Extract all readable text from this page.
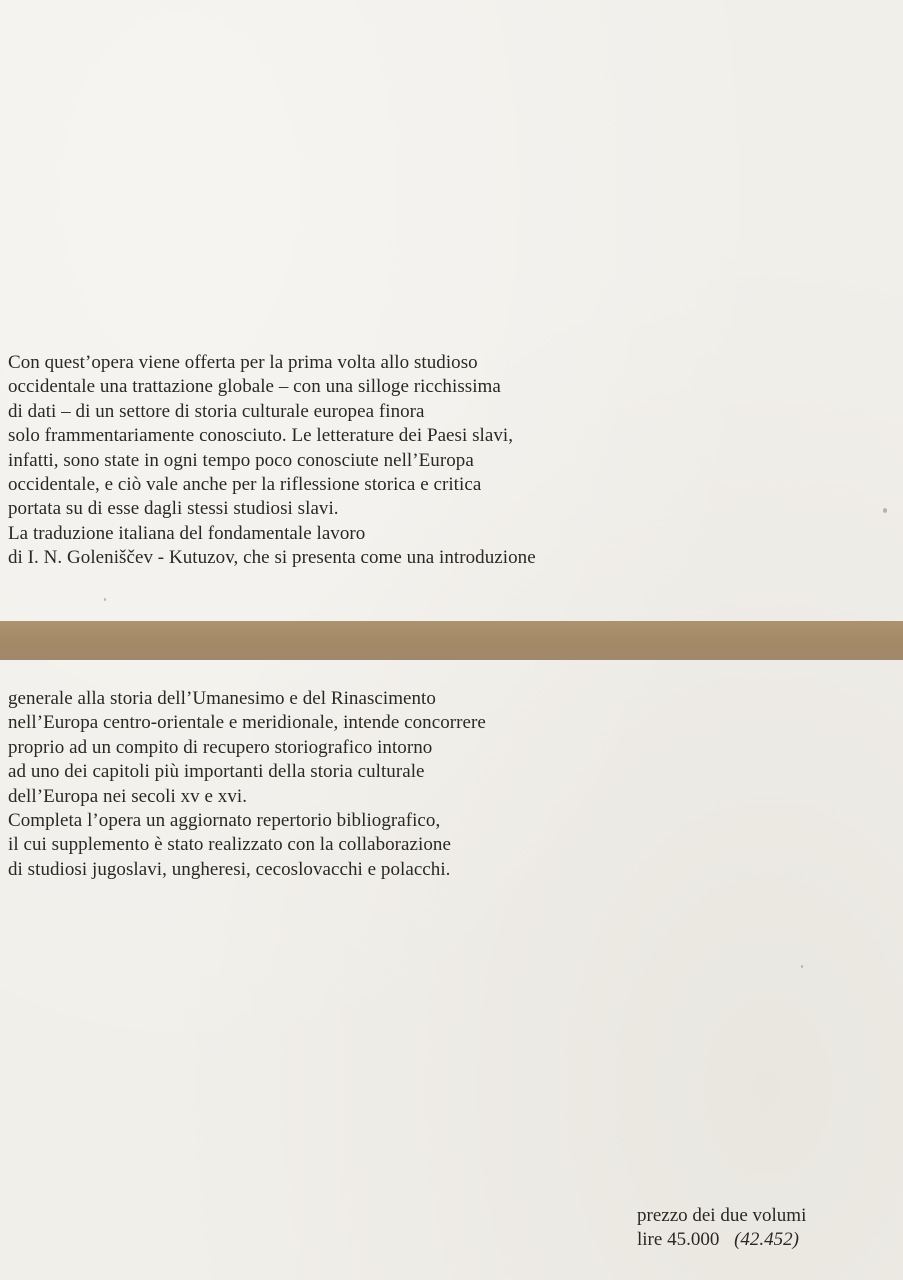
Con quest’opera viene offerta per la prima volta allo studioso
occidentale una trattazione globale – con una silloge ricchissima
di dati – di un settore di storia culturale europea finora
solo frammentariamente conosciuto. Le letterature dei Paesi slavi,
infatti, sono state in ogni tempo poco conosciute nell’Europa
occidentale, e ciò vale anche per la riflessione storica e critica
portata su di esse dagli stessi studiosi slavi.
La traduzione italiana del fondamentale lavoro
di I. N. Goleniščev - Kutuzov, che si presenta come una introduzione
generale alla storia dell’Umanesimo e del Rinascimento
nell’Europa centro-orientale e meridionale, intende concorrere
proprio ad un compito di recupero storiografico intorno
ad uno dei capitoli più importanti della storia culturale
dell’Europa nei secoli xv e xvi.
Completa l’opera un aggiornato repertorio bibliografico,
il cui supplemento è stato realizzato con la collaborazione
di studiosi jugoslavi, ungheresi, cecoslovacchi e polacchi.
prezzo dei due volumi
lire 45.000 (42.452)
